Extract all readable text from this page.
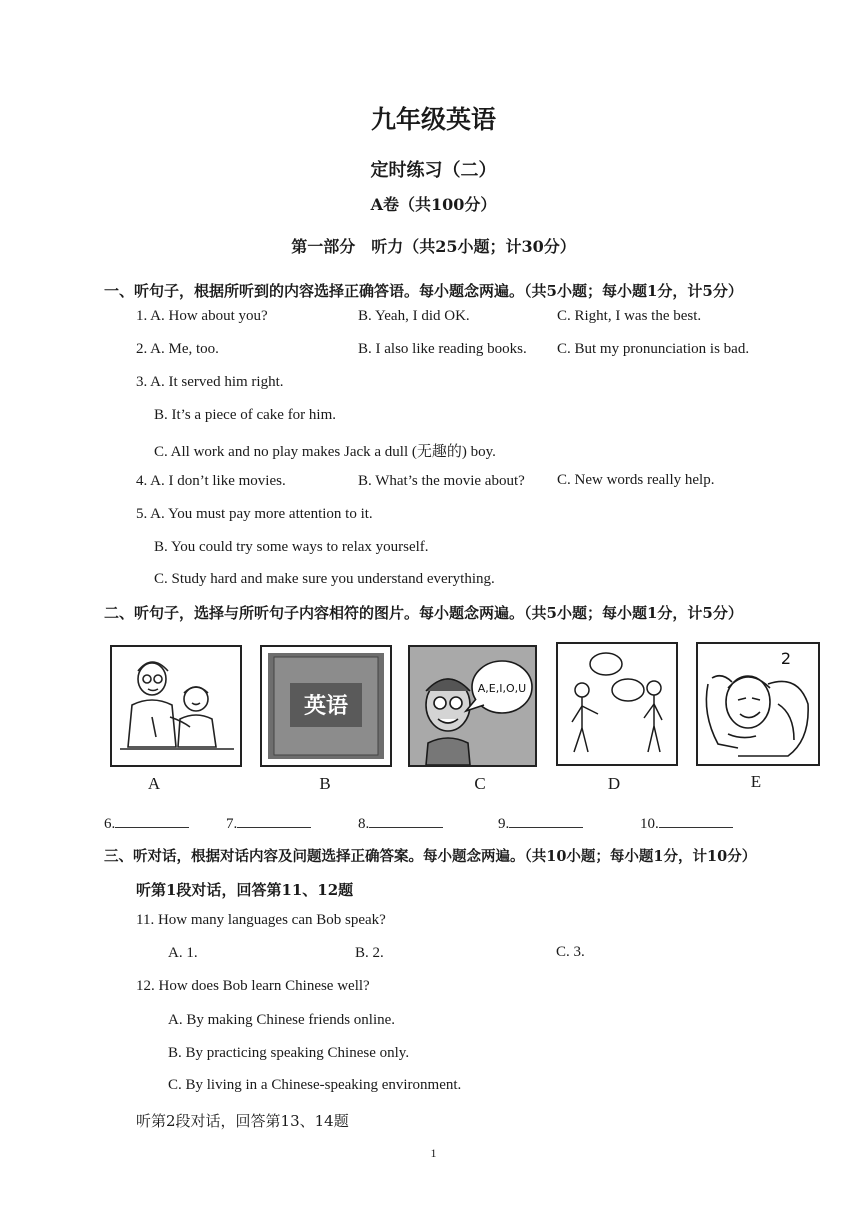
九年级英语
定时练习（二）
A卷（共100分）
第一部分　听力（共25小题；计30分）
一、听句子，根据所听到的内容选择正确答语。每小题念两遍。（共5小题；每小题1分，计5分）
1. A. How about you?	B. Yeah, I did OK.	C. Right, I was the best.
2. A. Me, too.	B. I also like reading books. C. But my pronunciation is bad.
3. A. It served him right.
B. It’s a piece of cake for him.
C. All work and no play makes Jack a dull (无趣的) boy.
4. A. I don’t like movies.	B. What’s the movie about? C. New words really help.
5. A. You must pay more attention to it.
B. You could try some ways to relax yourself.
C. Study hard and make sure you understand everything.
二、听句子，选择与所听句子内容相符的图片。每小题念两遍。（共5小题；每小题1分，计5分）
A
英语
B
A,E,I,O,U
C	D
2
E
6.	7.	8.	9.	10.
三、听对话，根据对话内容及问题选择正确答案。每小题念两遍。（共10小题；每小题1分，计10分）
听第1段对话，回答第11、12题
11. How many languages can Bob speak?
A. 1.	B. 2.	C. 3.
12. How does Bob learn Chinese well?
A. By making Chinese friends online.
B. By practicing speaking Chinese only.
C. By living in a Chinese-speaking environment.
听第2段对话，回答第13、14题
1
